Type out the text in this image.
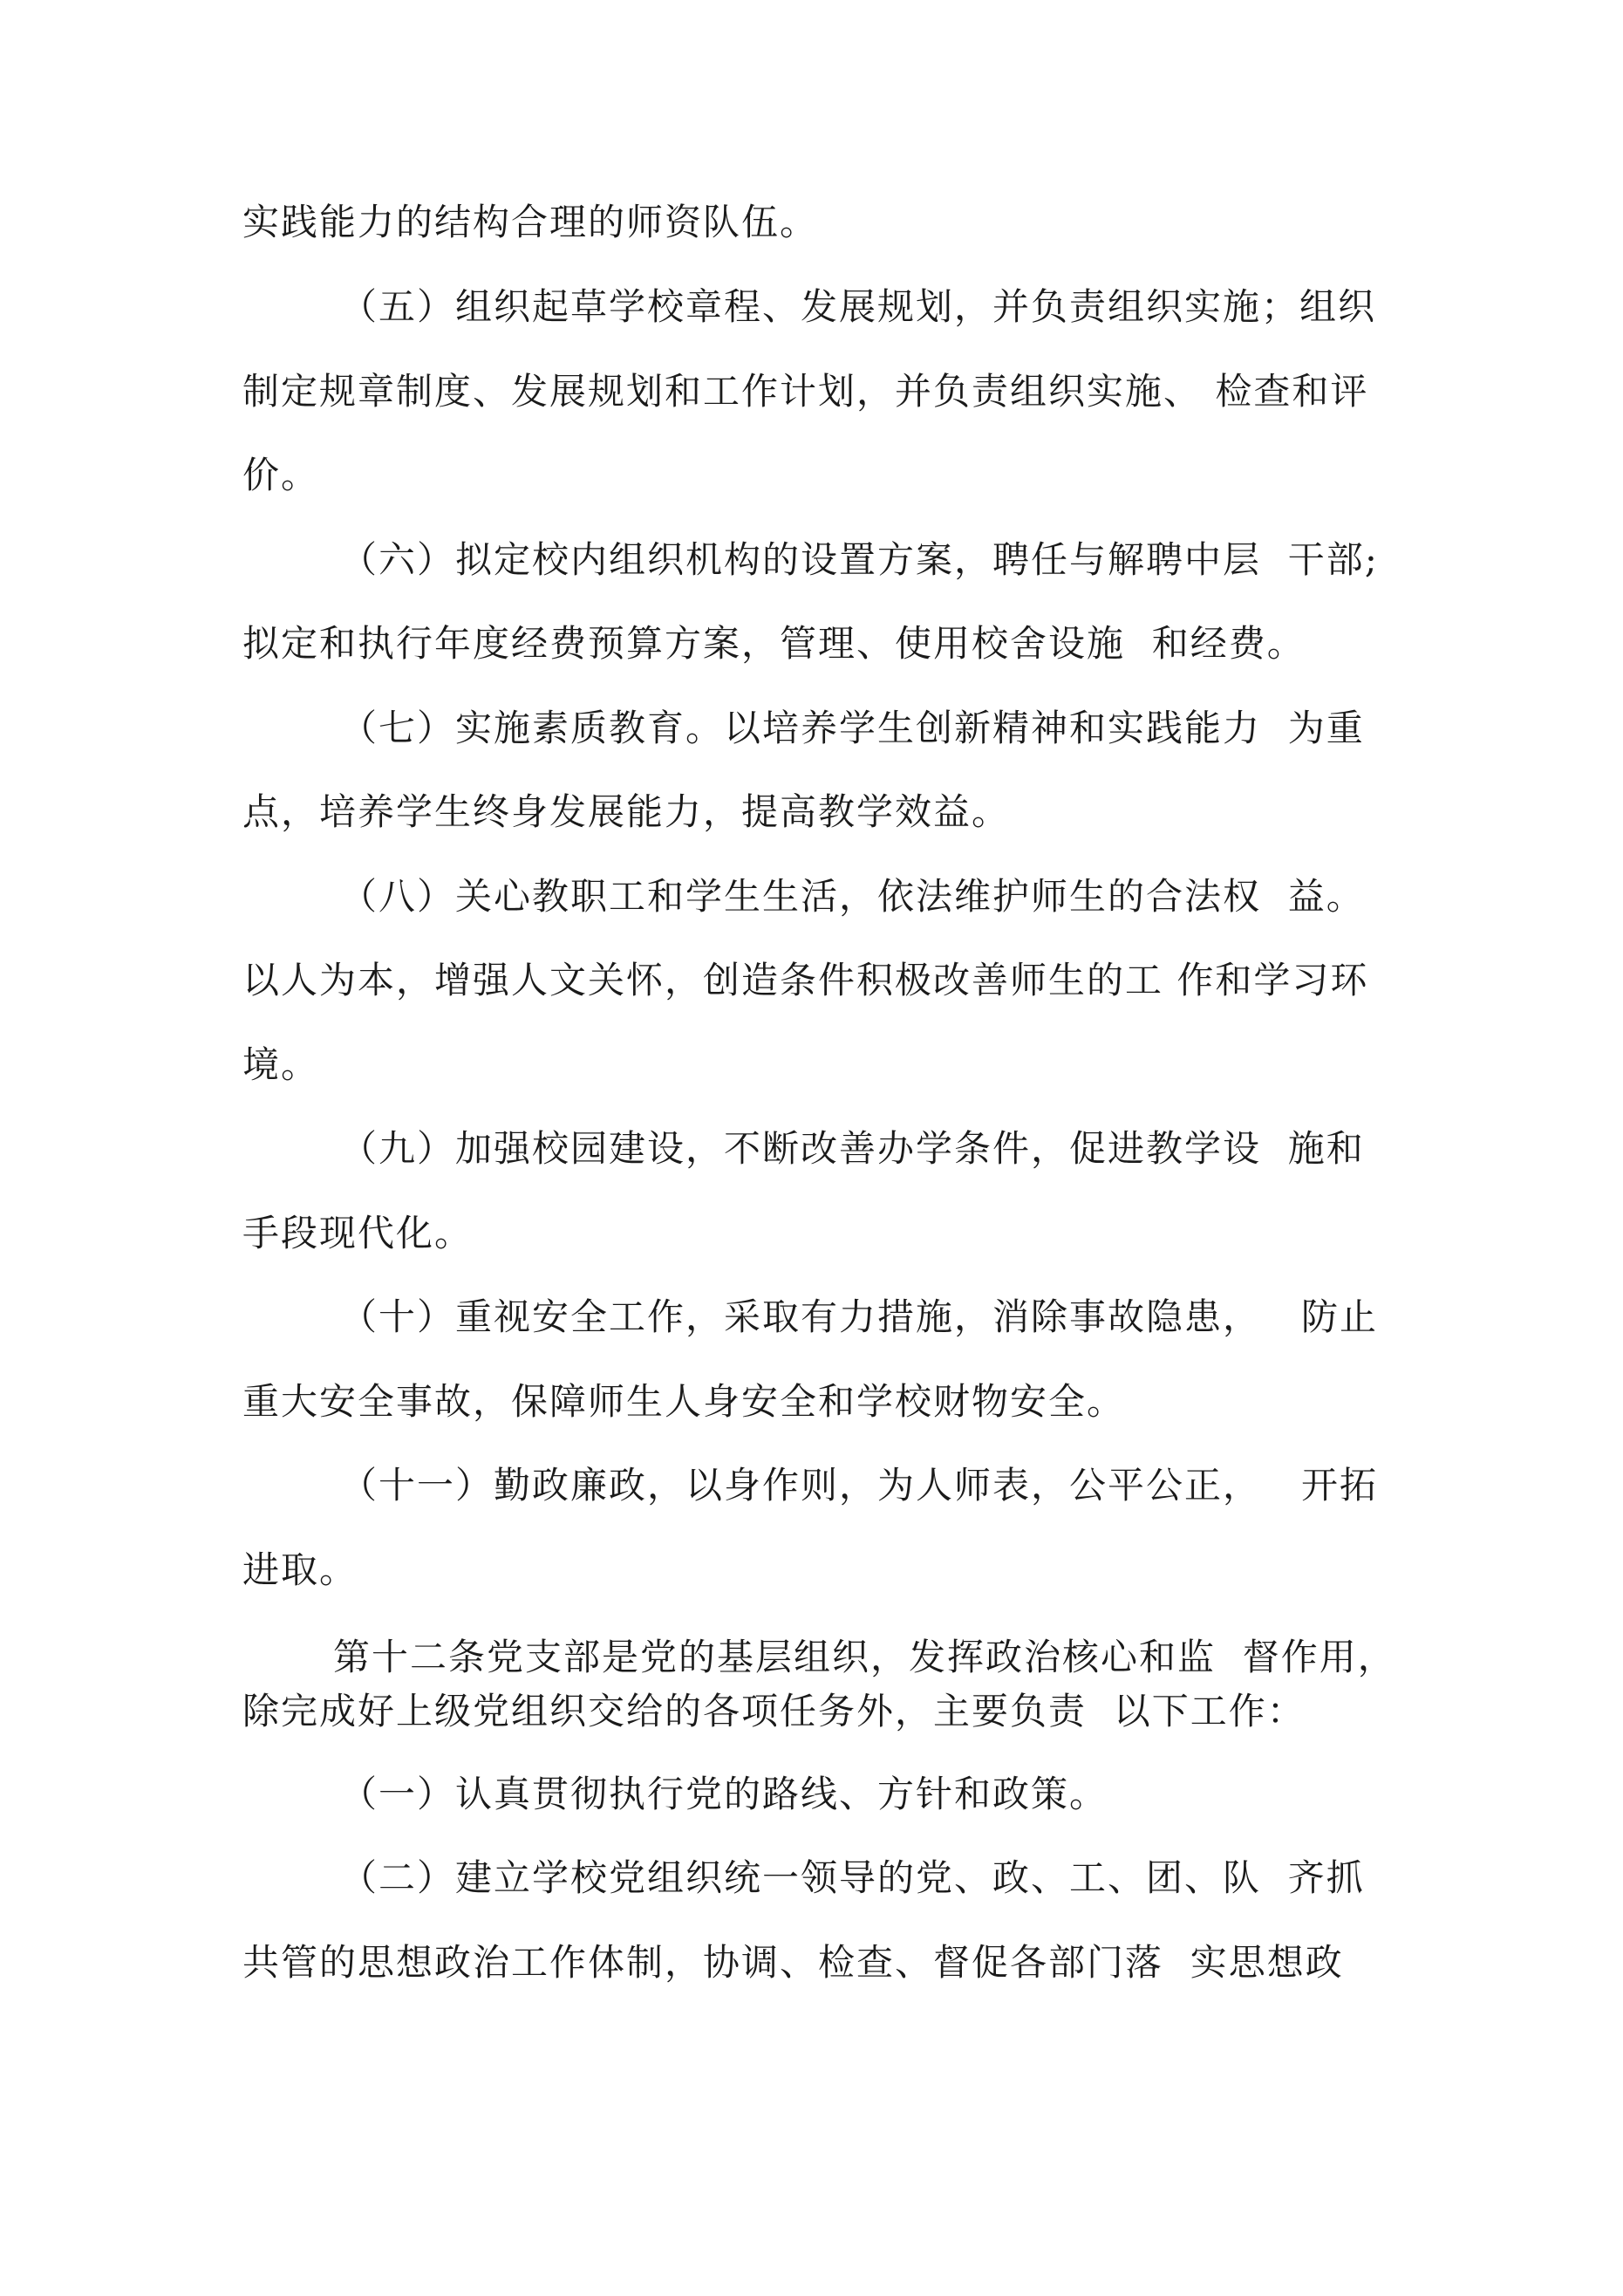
实践能力的结构合理的师资队伍。
（五）组织起草学校章程、发展规划，并负责组织实施；组织
制定规章制度、发展规划和工作计划，并负责组织实施、 检查和评
价。
（六）拟定校内组织机构的设置方案，聘任与解聘中层  干部;
拟定和执行年度经费预算方案，管理、使用校舍设施  和经费。
（七）实施素质教育。以培养学生创新精神和实践能力  为重
点，培养学生终身发展能力，提高教学效益。
（八）关心教职工和学生生活，依法维护师生的合法权  益。
以人为本，增强人文关怀，创造条件积极改善师生的工 作和学习环
境。
（九）加强校园建设，不断改善办学条件，促进教学设  施和
手段现代化。
（十）重视安全工作，采取有力措施，消除事故隐患，   防止
重大安全事故，保障师生人身安全和学校财物安全。
（十一）勤政廉政，以身作则，为人师表，公平公正，   开拓
进取。
第十二条党支部是党的基层组织，发挥政治核心和监  督作用，
除完成好上级党组织交给的各项任务外，主要负责  以下工作：
（一）认真贯彻执行党的路线、方针和政策。
（二）建立学校党组织统一领导的党、政、工、团、队  齐抓
共管的思想政治工作体制，协调、检查、督促各部门落  实思想政
